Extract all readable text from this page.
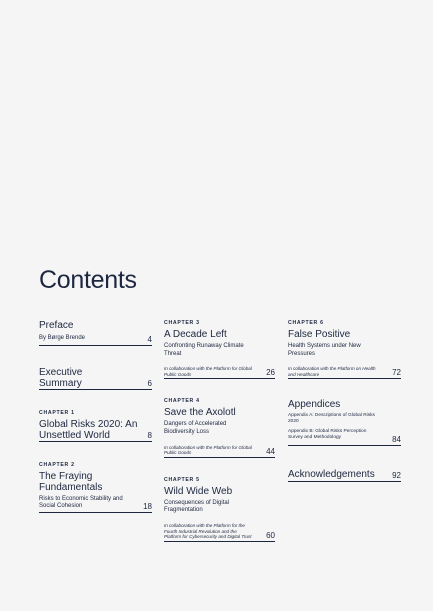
Contents
Preface
By Børge Brende	4
Executive Summary	6
CHAPTER 1
Global Risks 2020: An Unsettled World	8
CHAPTER 2
The Fraying Fundamentals
Risks to Economic Stability and Social Cohesion	18
CHAPTER 3
A Decade Left
Confronting Runaway Climate Threat
In collaboration with the Platform for Global Public Goods	26
CHAPTER 4
Save the Axolotl
Dangers of Accelerated Biodiversity Loss
In collaboration with the Platform for Global Public Goods	44
CHAPTER 5
Wild Wide Web
Consequences of Digital Fragmentation
In collaboration with the Platform for the Fourth Industrial Revolution and the Platform for Cybersecurity and Digital Trust	60
CHAPTER 6
False Positive
Health Systems under New Pressures
In collaboration with the Platform on Health and Healthcare	72
Appendices
Appendix A: Descriptions of Global Risks 2020
Appendix B: Global Risks Perception Survey and Methodology	84
Acknowledgements	92
